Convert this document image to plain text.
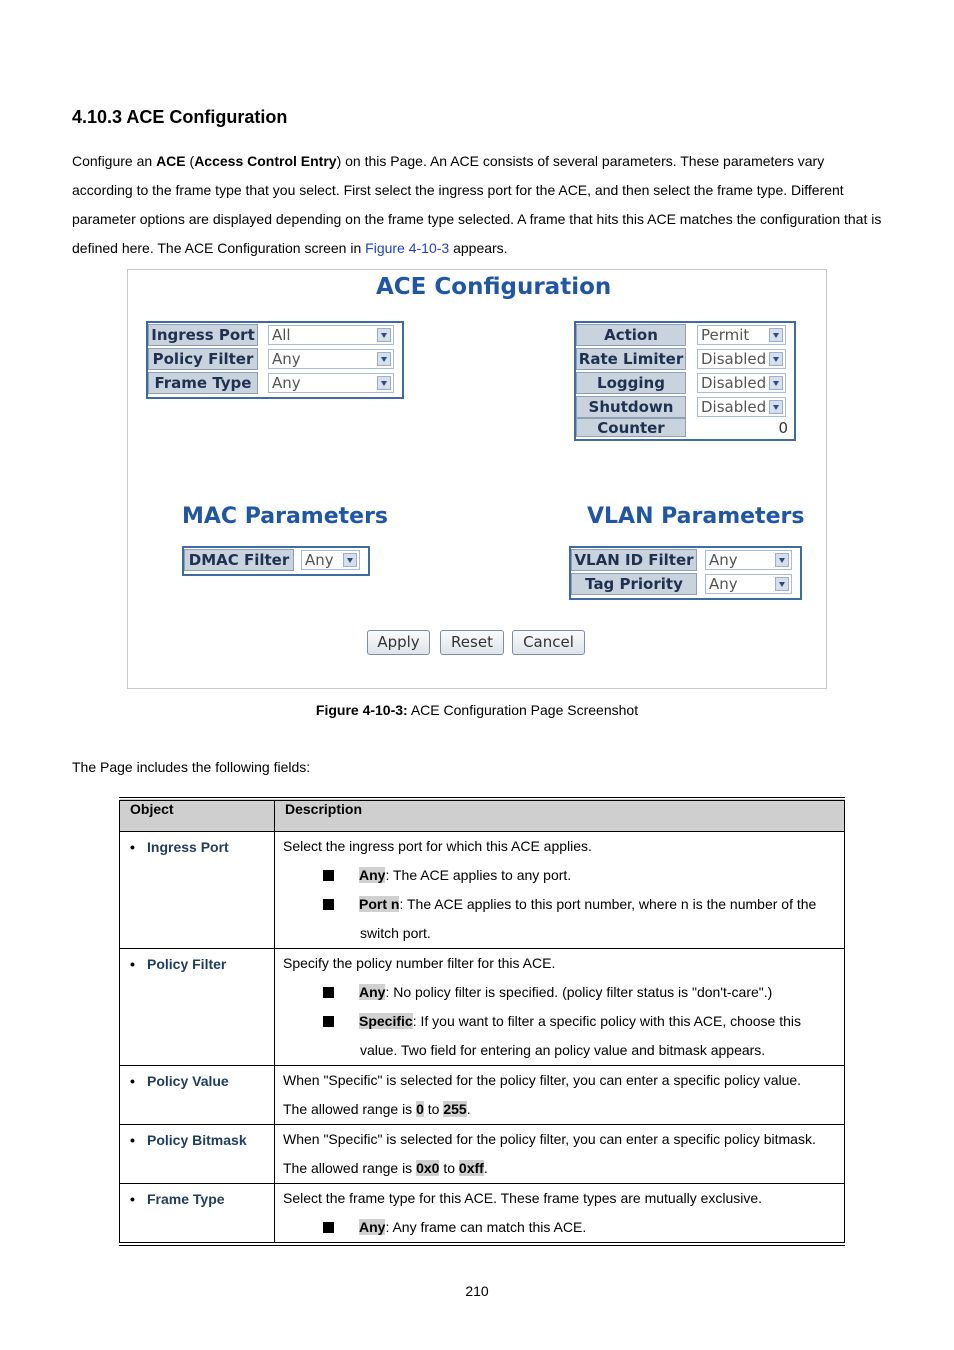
4.10.3 ACE Configuration
Configure an ACE (Access Control Entry) on this Page. An ACE consists of several parameters. These parameters vary according to the frame type that you select. First select the ingress port for the ACE, and then select the frame type. Different parameter options are displayed depending on the frame type selected. A frame that hits this ACE matches the configuration that is defined here. The ACE Configuration screen in Figure 4-10-3 appears.
ACE Configuration
Ingress Port All
Policy Filter	Any
Frame Type	Any
Action	Permit
Rate Limiter Disabled
Logging	Disabled
Shutdown	Disabled
Counter	0
MAC Parameters	VLAN Parameters
DMAC Filter	Any	VLAN ID Filter Any
Tag Priority	Any
Apply	Reset	Cancel
Figure 4-10-3: ACE Configuration Page Screenshot
The Page includes the following fields:
Object	Description
• Ingress Port	Select the ingress port for which this ACE applies.
Any: The ACE applies to any port.
Port n: The ACE applies to this port number, where n is the number of the
switch port.

• Policy Filter	Specify the policy number filter for this ACE.
Any: No policy filter is specified. (policy filter status is "don't-care".)
Specific: If you want to filter a specific policy with this ACE, choose this
value. Two field for entering an policy value and bitmask appears.

• Policy Value	When "Specific" is selected for the policy filter, you can enter a specific policy value.
The allowed range is 0 to 255.

• Policy Bitmask	When "Specific" is selected for the policy filter, you can enter a specific policy bitmask.
The allowed range is 0x0 to 0xff.

• Frame Type	Select the frame type for this ACE. These frame types are mutually exclusive.
Any: Any frame can match this ACE.
210
